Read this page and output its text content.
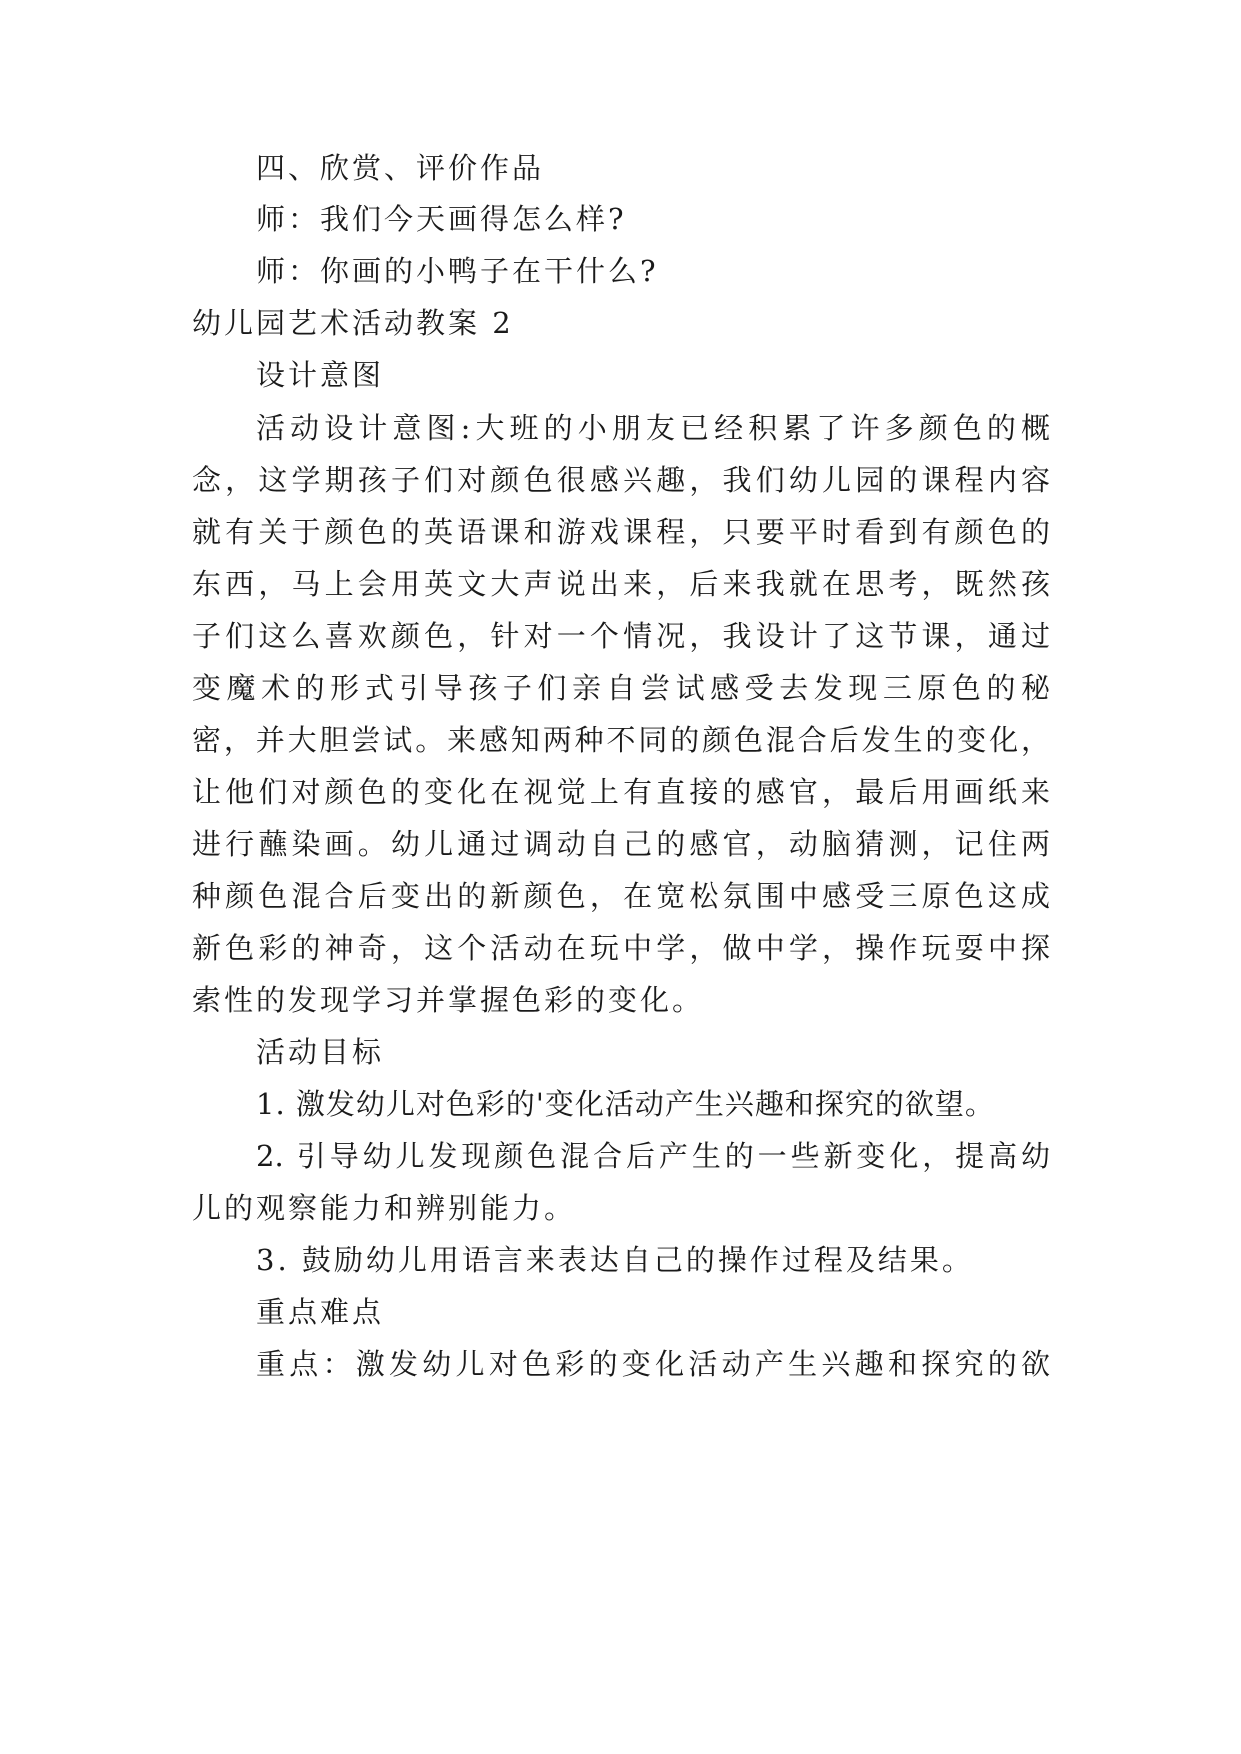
四、欣赏、评价作品
师：我们今天画得怎么样?
师：你画的小鸭子在干什么?
幼儿园艺术活动教案 2
设计意图
活动设计意图:大班的小朋友已经积累了许多颜色的概
念，这学期孩子们对颜色很感兴趣，我们幼儿园的课程内容
就有关于颜色的英语课和游戏课程，只要平时看到有颜色的
东西，马上会用英文大声说出来，后来我就在思考，既然孩
子们这么喜欢颜色，针对一个情况，我设计了这节课，通过
变魔术的形式引导孩子们亲自尝试感受去发现三原色的秘
密，并大胆尝试。来感知两种不同的颜色混合后发生的变化，
让他们对颜色的变化在视觉上有直接的感官，最后用画纸来
进行蘸染画。幼儿通过调动自己的感官，动脑猜测，记住两
种颜色混合后变出的新颜色，在宽松氛围中感受三原色这成
新色彩的神奇，这个活动在玩中学，做中学，操作玩耍中探
索性的发现学习并掌握色彩的变化。
活动目标
1. 激发幼儿对色彩的'变化活动产生兴趣和探究的欲望。
2. 引导幼儿发现颜色混合后产生的一些新变化，提高幼
儿的观察能力和辨别能力。
3. 鼓励幼儿用语言来表达自己的操作过程及结果。
重点难点
重点：激发幼儿对色彩的变化活动产生兴趣和探究的欲
